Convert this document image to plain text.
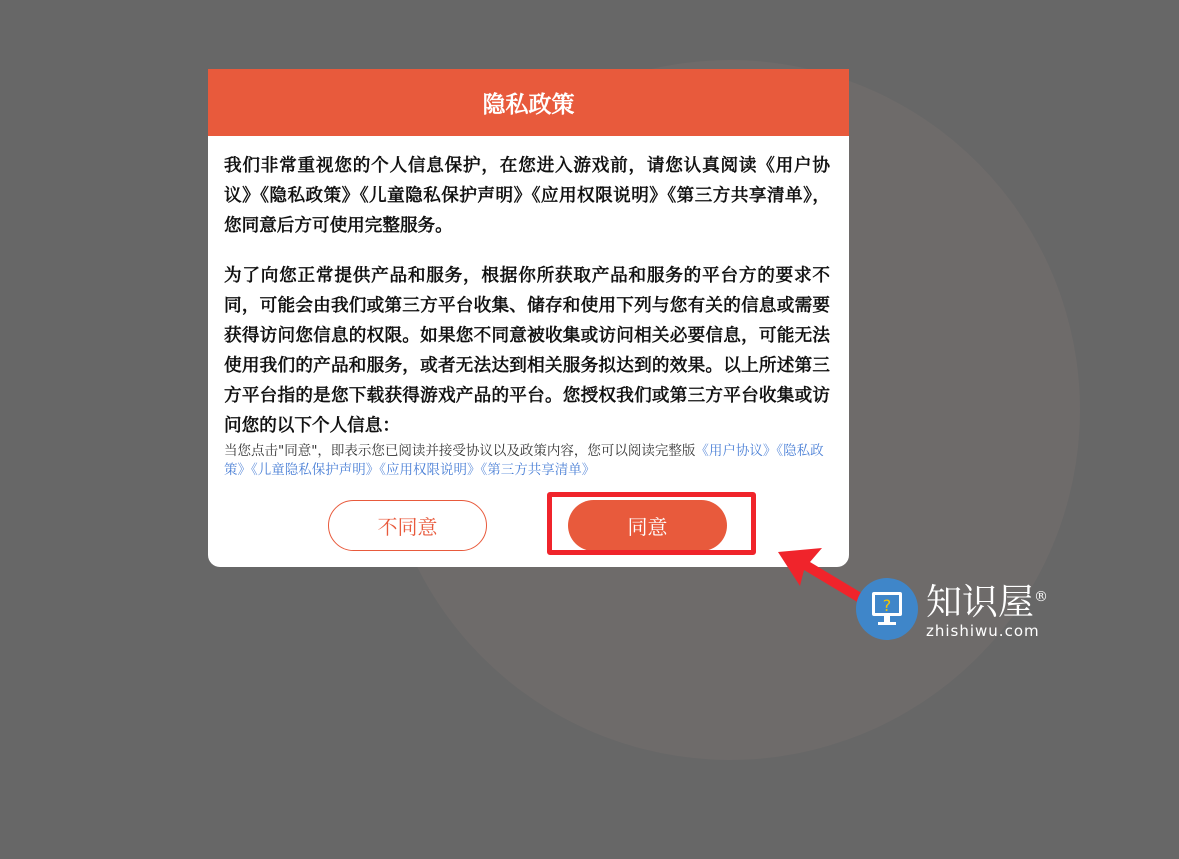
隐私政策

我们非常重视您的个人信息保护，在您进入游戏前，请您认真阅读《用户协议》《隐私政策》《儿童隐私保护声明》《应用权限说明》《第三方共享清单》，您同意后方可使用完整服务。

为了向您正常提供产品和服务，根据你所获取产品和服务的平台方的要求不同，可能会由我们或第三方平台收集、储存和使用下列与您有关的信息或需要获得访问您信息的权限。如果您不同意被收集或访问相关必要信息，可能无法使用我们的产品和服务，或者无法达到相关服务拟达到的效果。以上所述第三方平台指的是您下载获得游戏产品的平台。您授权我们或第三方平台收集或访问您的以下个人信息：

当您点击"同意"，即表示您已阅读并接受协议以及政策内容，您可以阅读完整版《用户协议》《隐私政策》《儿童隐私保护声明》《应用权限说明》《第三方共享清单》
不同意	同意
? 知识屋®
zhishiwu.com
